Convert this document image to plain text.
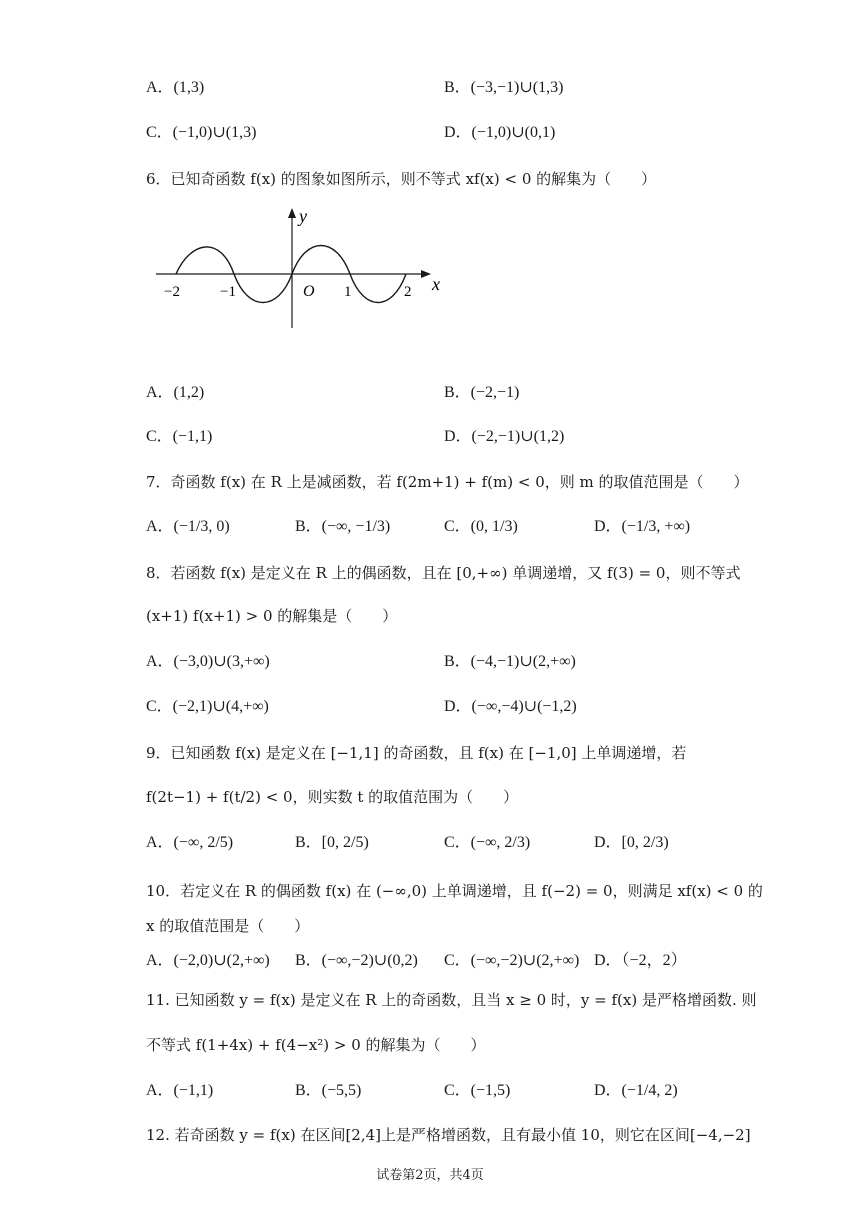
A．(1,3)	B．(−3,−1)∪(1,3)
C．(−1,0)∪(1,3)	D．(−1,0)∪(0,1)
6．已知奇函数 f(x) 的图象如图所示，则不等式 xf(x) < 0 的解集为（　　）
y
x
O
−2	−1	1	2
A．(1,2)	B．(−2,−1)
C．(−1,1)	D．(−2,−1)∪(1,2)
7．奇函数 f(x) 在 R 上是减函数，若 f(2m+1) + f(m) < 0，则 m 的取值范围是（　　）
A．(−1/3, 0)	B．(−∞, −1/3)	C．(0, 1/3)	D．(−1/3, +∞)
8．若函数 f(x) 是定义在 R 上的偶函数，且在 [0,+∞) 单调递增，又 f(3) = 0，则不等式
(x+1) f(x+1) > 0 的解集是（　　）
A．(−3,0)∪(3,+∞)	B．(−4,−1)∪(2,+∞)
C．(−2,1)∪(4,+∞)	D．(−∞,−4)∪(−1,2)
9．已知函数 f(x) 是定义在 [−1,1] 的奇函数，且 f(x) 在 [−1,0] 上单调递增，若
f(2t−1) + f(t/2) < 0，则实数 t 的取值范围为（　　）
A．(−∞, 2/5)	B．[0, 2/5)	C．(−∞, 2/3)	D．[0, 2/3)
10．若定义在 R 的偶函数 f(x) 在 (−∞,0) 上单调递增，且 f(−2) = 0，则满足 xf(x) < 0 的
x 的取值范围是（　　）
A．(−2,0)∪(2,+∞) B．(−∞,−2)∪(0,2) C．(−∞,−2)∪(2,+∞) D．（−2，2）
11. 已知函数 y = f(x) 是定义在 R 上的奇函数，且当 x ≥ 0 时，y = f(x) 是严格增函数. 则
不等式 f(1+4x) + f(4−x²) > 0 的解集为（　　）
A．(−1,1)	B．(−5,5)	C．(−1,5)	D．(−1/4, 2)
12. 若奇函数 y = f(x) 在区间[2,4]上是严格增函数，且有最小值 10，则它在区间[−4,−2]
试卷第2页，共4页
